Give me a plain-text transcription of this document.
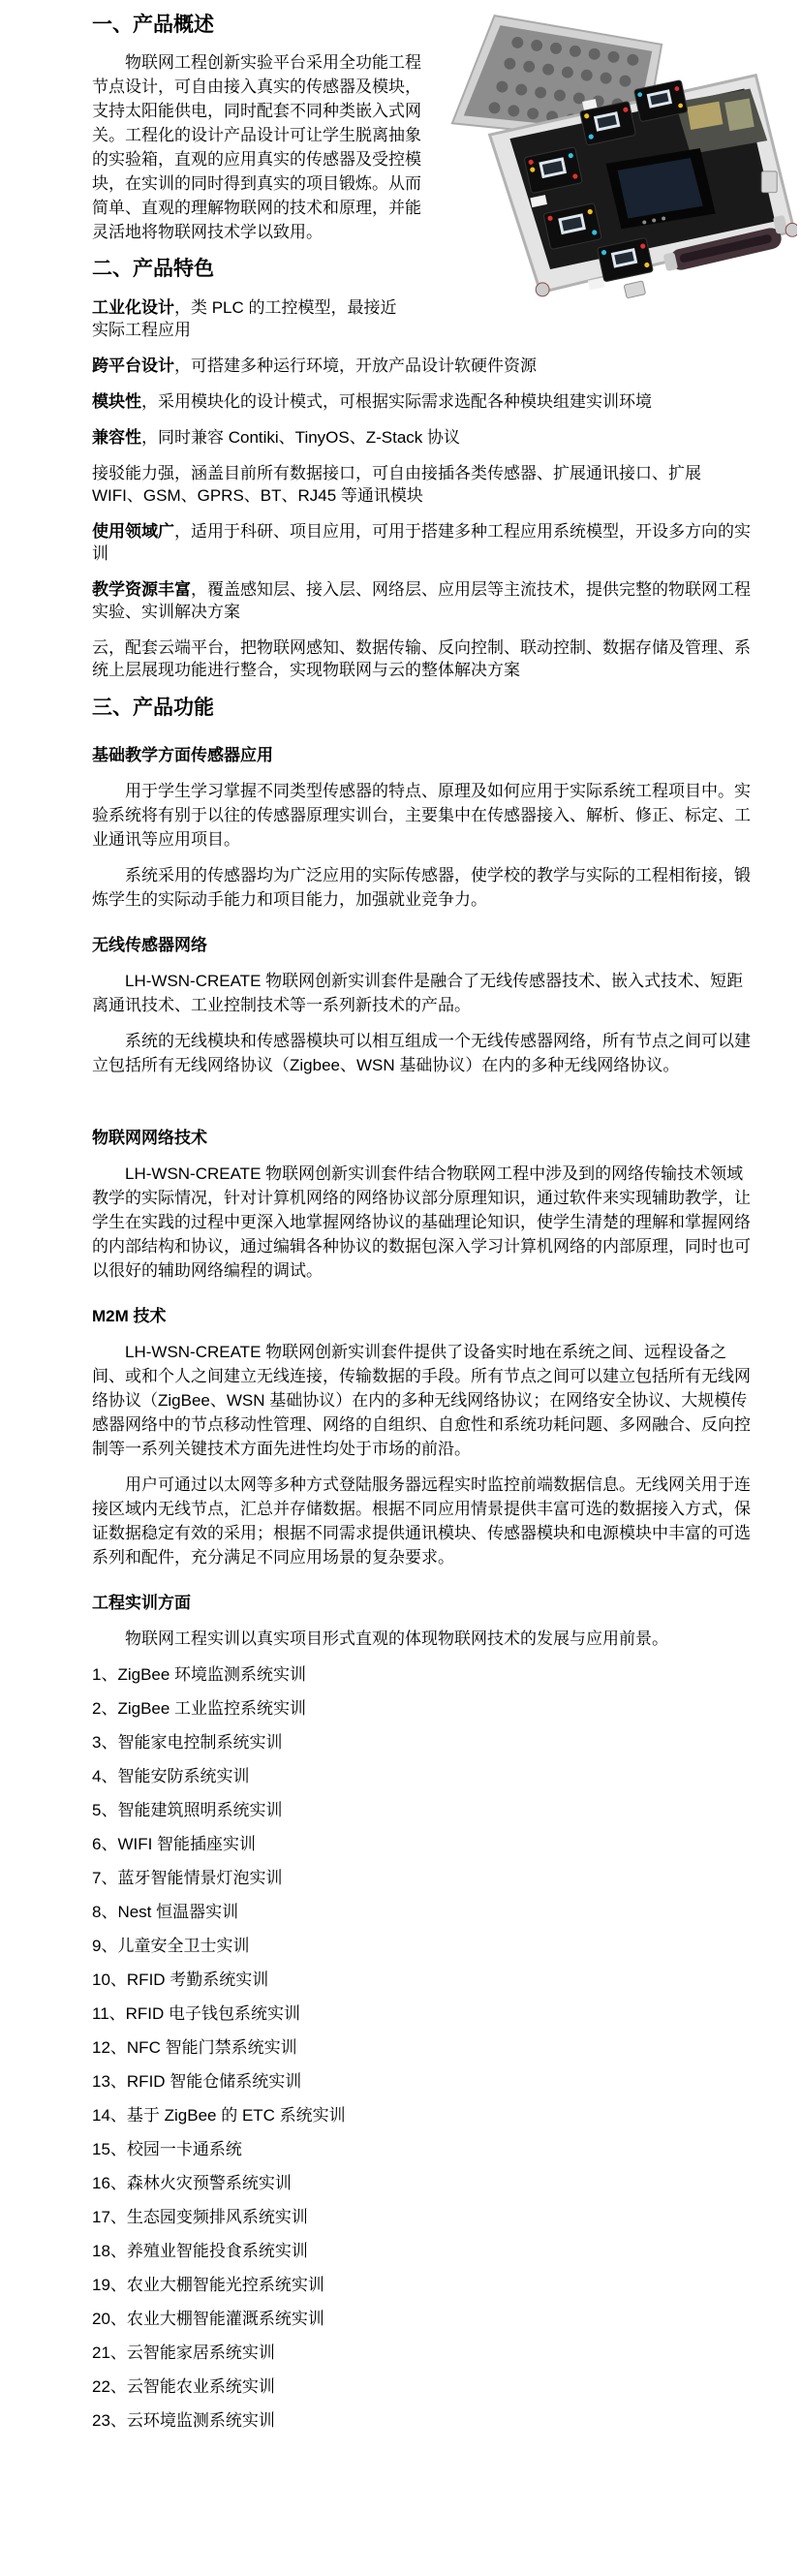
一、产品概述

物联网工程创新实验平台采用全功能工程节点设计，可自由接入真实的传感器及模块，支持太阳能供电，同时配套不同种类嵌入式网关。工程化的设计产品设计可让学生脱离抽象的实验箱，直观的应用真实的传感器及受控模块，在实训的同时得到真实的项目锻炼。从而简单、直观的理解物联网的技术和原理，并能灵活地将物联网技术学以致用。

二、产品特色

工业化设计，类 PLC 的工控模型，最接近实际工程应用

跨平台设计，可搭建多种运行环境，开放产品设计软硬件资源

模块性，采用模块化的设计模式，可根据实际需求选配各种模块组建实训环境

兼容性，同时兼容 Contiki、TinyOS、Z-Stack 协议

接驳能力强，涵盖目前所有数据接口，可自由接插各类传感器、扩展通讯接口、扩展 WIFI、GSM、GPRS、BT、RJ45 等通讯模块

使用领域广，适用于科研、项目应用，可用于搭建多种工程应用系统模型，开设多方向的实训

教学资源丰富，覆盖感知层、接入层、网络层、应用层等主流技术，提供完整的物联网工程实验、实训解决方案

云，配套云端平台，把物联网感知、数据传输、反向控制、联动控制、数据存储及管理、系统上层展现功能进行整合，实现物联网与云的整体解决方案

三、产品功能
基础教学方面传感器应用

用于学生学习掌握不同类型传感器的特点、原理及如何应用于实际系统工程项目中。实验系统将有别于以往的传感器原理实训台，主要集中在传感器接入、解析、修正、标定、工业通讯等应用项目。

系统采用的传感器均为广泛应用的实际传感器，使学校的教学与实际的工程相衔接，锻炼学生的实际动手能力和项目能力，加强就业竞争力。

无线传感器网络

LH-WSN-CREATE 物联网创新实训套件是融合了无线传感器技术、嵌入式技术、短距离通讯技术、工业控制技术等一系列新技术的产品。

系统的无线模块和传感器模块可以相互组成一个无线传感器网络，所有节点之间可以建立包括所有无线网络协议（Zigbee、WSN 基础协议）在内的多种无线网络协议。

物联网网络技术

LH-WSN-CREATE 物联网创新实训套件结合物联网工程中涉及到的网络传输技术领域教学的实际情况，针对计算机网络的网络协议部分原理知识，通过软件来实现辅助教学，让学生在实践的过程中更深入地掌握网络协议的基础理论知识，使学生清楚的理解和掌握网络的内部结构和协议，通过编辑各种协议的数据包深入学习计算机网络的内部原理，同时也可以很好的辅助网络编程的调试。

M2M 技术

LH-WSN-CREATE 物联网创新实训套件提供了设备实时地在系统之间、远程设备之间、或和个人之间建立无线连接，传输数据的手段。所有节点之间可以建立包括所有无线网络协议（ZigBee、WSN 基础协议）在内的多种无线网络协议；在网络安全协议、大规模传感器网络中的节点移动性管理、网络的自组织、自愈性和系统功耗问题、多网融合、反向控制等一系列关键技术方面先进性均处于市场的前沿。

用户可通过以太网等多种方式登陆服务器远程实时监控前端数据信息。无线网关用于连接区域内无线节点，汇总并存储数据。根据不同应用情景提供丰富可选的数据接入方式，保证数据稳定有效的采用；根据不同需求提供通讯模块、传感器模块和电源模块中丰富的可选系列和配件，充分满足不同应用场景的复杂要求。

工程实训方面

物联网工程实训以真实项目形式直观的体现物联网技术的发展与应用前景。

1、ZigBee 环境监测系统实训
2、ZigBee 工业监控系统实训
3、智能家电控制系统实训
4、智能安防系统实训
5、智能建筑照明系统实训
6、WIFI 智能插座实训
7、蓝牙智能情景灯泡实训
8、Nest 恒温器实训
9、儿童安全卫士实训
10、RFID 考勤系统实训
11、RFID 电子钱包系统实训
12、NFC 智能门禁系统实训
13、RFID 智能仓储系统实训
14、基于 ZigBee 的 ETC 系统实训
15、校园一卡通系统
16、森林火灾预警系统实训
17、生态园变频排风系统实训
18、养殖业智能投食系统实训
19、农业大棚智能光控系统实训
20、农业大棚智能灌溉系统实训
21、云智能家居系统实训
22、云智能农业系统实训
23、云环境监测系统实训
